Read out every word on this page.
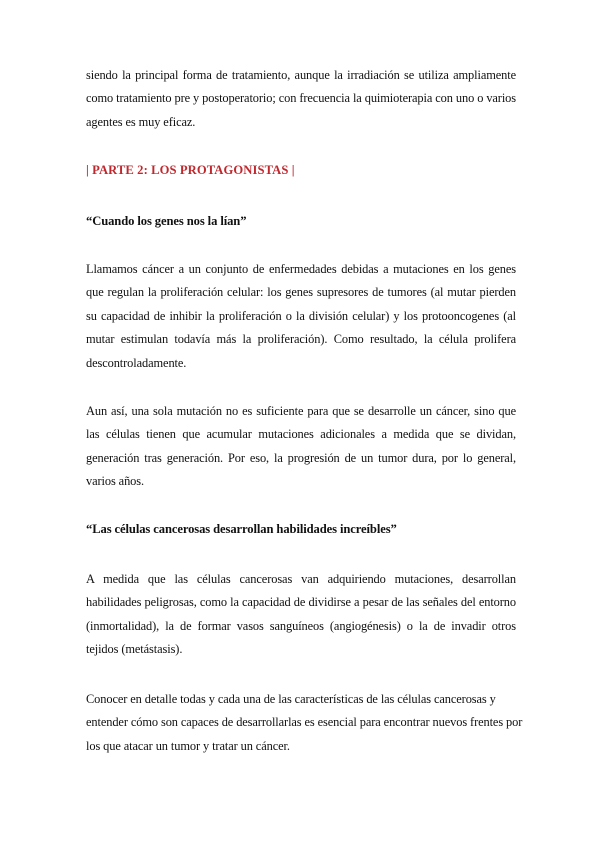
siendo la principal forma de tratamiento, aunque la irradiación se utiliza ampliamente como tratamiento pre y postoperatorio; con frecuencia la quimioterapia con uno o varios agentes es muy eficaz.

| PARTE 2: LOS PROTAGONISTAS |

“Cuando los genes nos la lían”

Llamamos cáncer a un conjunto de enfermedades debidas a mutaciones en los genes que regulan la proliferación celular: los genes supresores de tumores (al mutar pierden su capacidad de inhibir la proliferación o la división celular) y los protooncogenes (al mutar estimulan todavía más la proliferación). Como resultado, la célula prolifera descontroladamente.

Aun así, una sola mutación no es suficiente para que se desarrolle un cáncer, sino que las células tienen que acumular mutaciones adicionales a medida que se dividan, generación tras generación. Por eso, la progresión de un tumor dura, por lo general, varios años.

“Las células cancerosas desarrollan habilidades increíbles”

A medida que las células cancerosas van adquiriendo mutaciones, desarrollan habilidades peligrosas, como la capacidad de dividirse a pesar de las señales del entorno (inmortalidad), la de formar vasos sanguíneos (angiogénesis) o la de invadir otros tejidos (metástasis).

Conocer en detalle todas y cada una de las características de las células cancerosas y entender cómo son capaces de desarrollarlas es esencial para encontrar nuevos frentes por los que atacar un tumor y tratar un cáncer.
